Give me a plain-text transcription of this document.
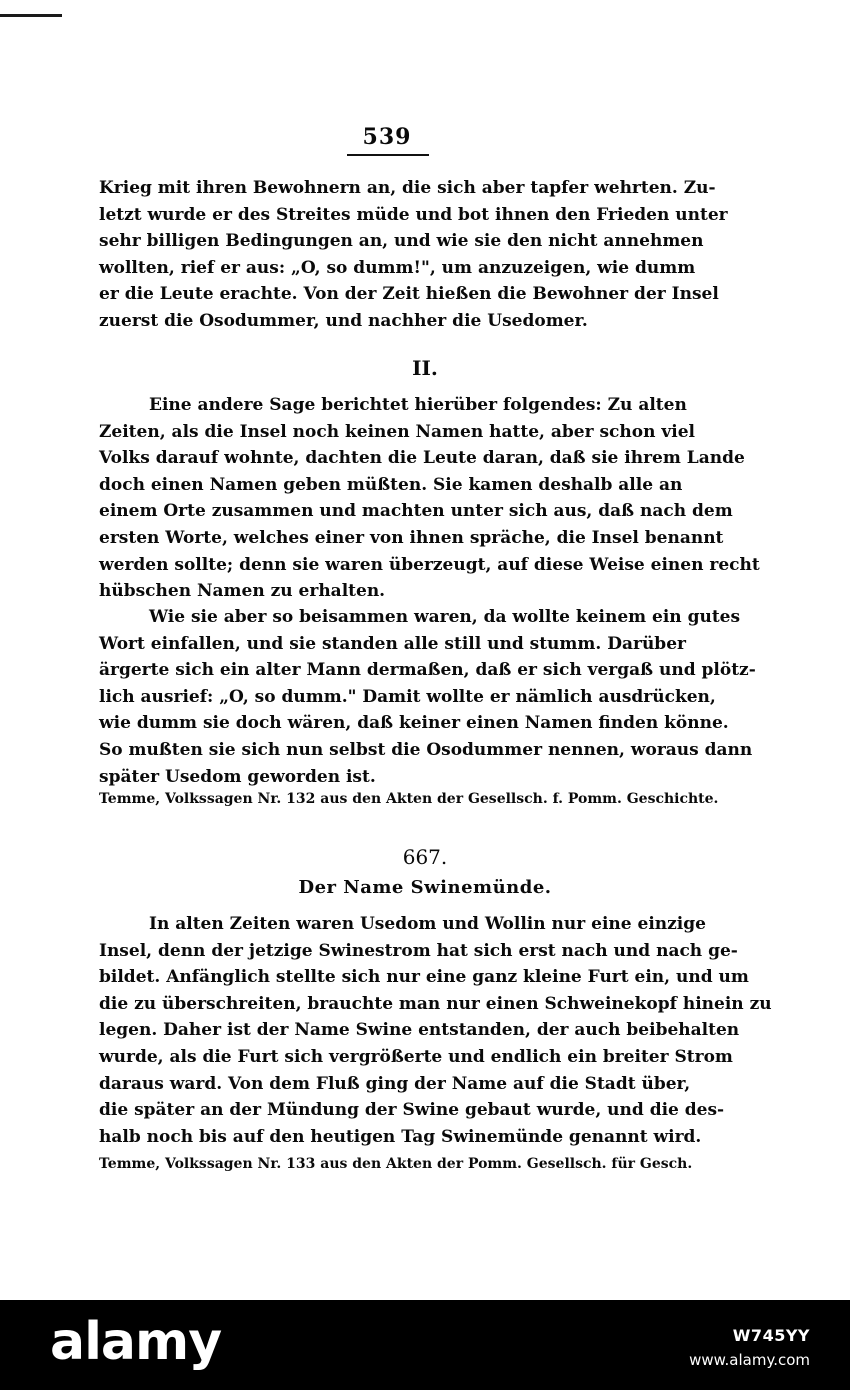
539
Krieg mit ihren Bewohnern an, die sich aber tapfer wehrten. Zu-
letzt wurde er des Streites müde und bot ihnen den Frieden unter
sehr billigen Bedingungen an, und wie sie den nicht annehmen
wollten, rief er aus: „O, so dumm!", um anzuzeigen, wie dumm
er die Leute erachte. Von der Zeit hießen die Bewohner der Insel
zuerst die Osodummer, und nachher die Usedomer.
II.
Eine andere Sage berichtet hierüber folgendes: Zu alten
Zeiten, als die Insel noch keinen Namen hatte, aber schon viel
Volks darauf wohnte, dachten die Leute daran, daß sie ihrem Lande
doch einen Namen geben müßten. Sie kamen deshalb alle an
einem Orte zusammen und machten unter sich aus, daß nach dem
ersten Worte, welches einer von ihnen spräche, die Insel benannt
werden sollte; denn sie waren überzeugt, auf diese Weise einen recht
hübschen Namen zu erhalten.
Wie sie aber so beisammen waren, da wollte keinem ein gutes
Wort einfallen, und sie standen alle still und stumm. Darüber
ärgerte sich ein alter Mann dermaßen, daß er sich vergaß und plötz-
lich ausrief: „O, so dumm." Damit wollte er nämlich ausdrücken,
wie dumm sie doch wären, daß keiner einen Namen finden könne.
So mußten sie sich nun selbst die Osodummer nennen, woraus dann
später Usedom geworden ist.
Temme, Volkssagen Nr. 132 aus den Akten der Gesellsch. f. Pomm. Geschichte.
667.
Der Name Swinemünde.
In alten Zeiten waren Usedom und Wollin nur eine einzige
Insel, denn der jetzige Swinestrom hat sich erst nach und nach ge-
bildet. Anfänglich stellte sich nur eine ganz kleine Furt ein, und um
die zu überschreiten, brauchte man nur einen Schweinekopf hinein zu
legen. Daher ist der Name Swine entstanden, der auch beibehalten
wurde, als die Furt sich vergrößerte und endlich ein breiter Strom
daraus ward. Von dem Fluß ging der Name auf die Stadt über,
die später an der Mündung der Swine gebaut wurde, und die des-
halb noch bis auf den heutigen Tag Swinemünde genannt wird.
Temme, Volkssagen Nr. 133 aus den Akten der Pomm. Gesellsch. für Gesch.
alamy	W745YY
www.alamy.com
